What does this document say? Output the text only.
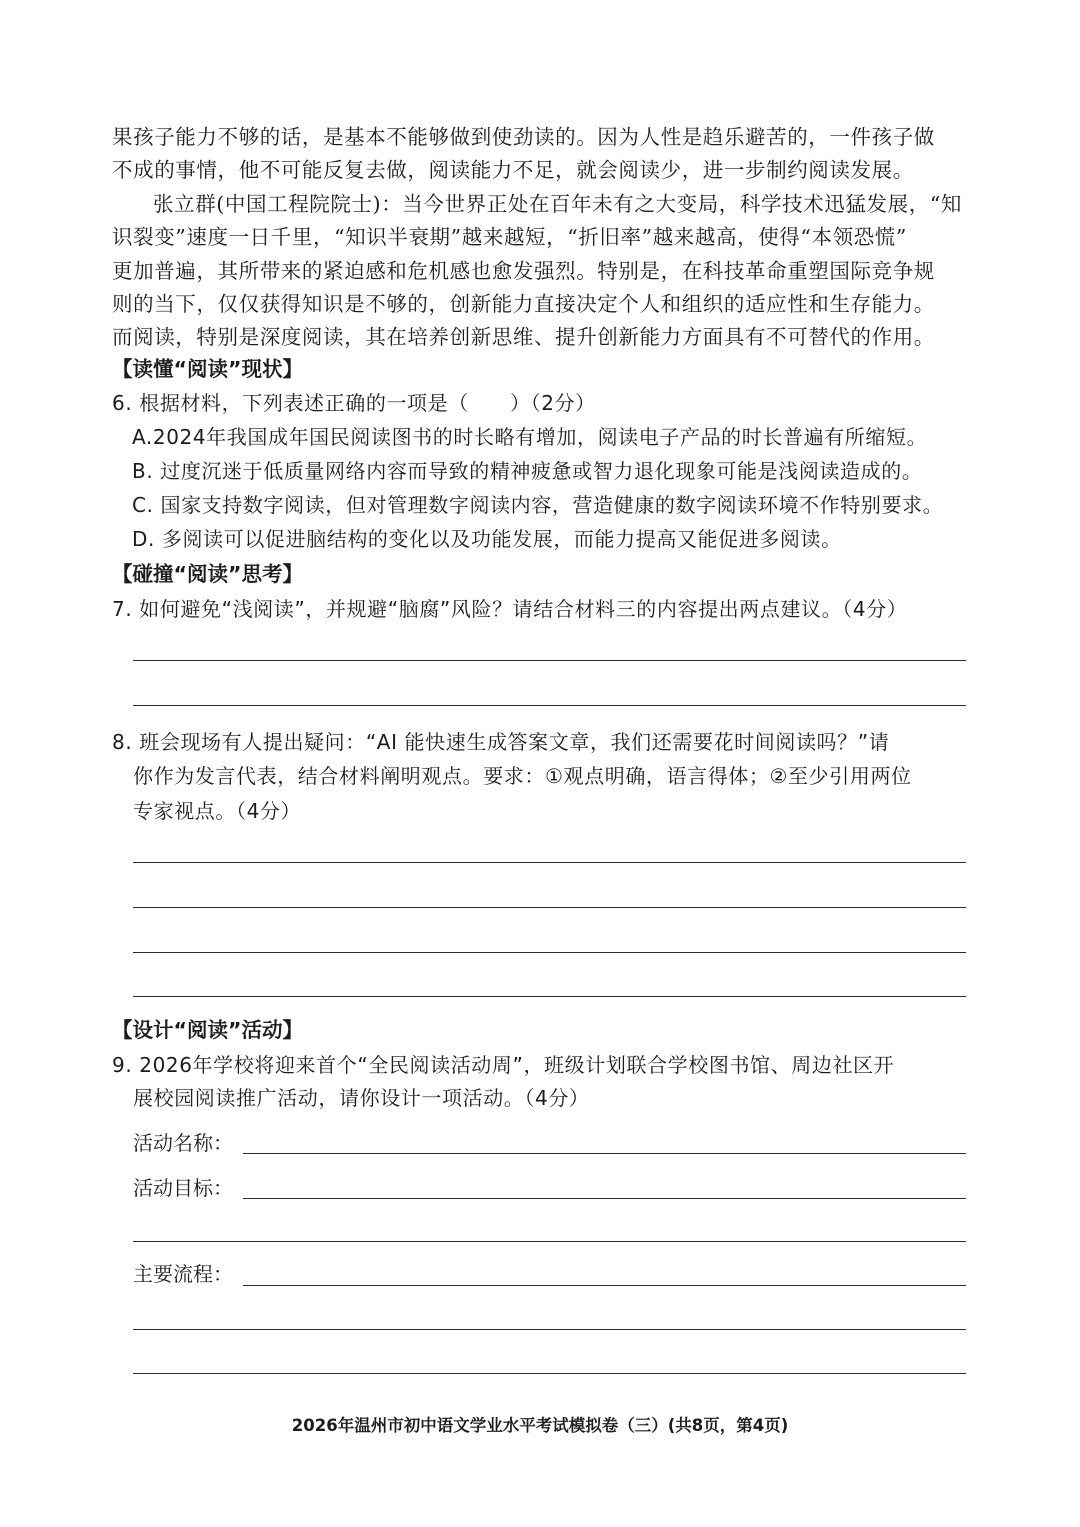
果孩子能力不够的话，是基本不能够做到使劲读的。因为人性是趋乐避苦的，一件孩子做
不成的事情，他不可能反复去做，阅读能力不足，就会阅读少，进一步制约阅读发展。
张立群(中国工程院院士)：当今世界正处在百年未有之大变局，科学技术迅猛发展，“知
识裂变”速度一日千里，“知识半衰期”越来越短，“折旧率”越来越高，使得“本领恐慌”
更加普遍，其所带来的紧迫感和危机感也愈发强烈。特别是，在科技革命重塑国际竞争规
则的当下，仅仅获得知识是不够的，创新能力直接决定个人和组织的适应性和生存能力。
而阅读，特别是深度阅读，其在培养创新思维、提升创新能力方面具有不可替代的作用。
【读懂“阅读”现状】
6. 根据材料，下列表述正确的一项是（　　）（2分）
A.2024年我国成年国民阅读图书的时长略有增加，阅读电子产品的时长普遍有所缩短。
B. 过度沉迷于低质量网络内容而导致的精神疲惫或智力退化现象可能是浅阅读造成的。
C. 国家支持数字阅读，但对管理数字阅读内容，营造健康的数字阅读环境不作特别要求。
D. 多阅读可以促进脑结构的变化以及功能发展，而能力提高又能促进多阅读。
【碰撞“阅读”思考】
7. 如何避免“浅阅读”，并规避“脑腐”风险？请结合材料三的内容提出两点建议。（4分）
8. 班会现场有人提出疑问：“AI 能快速生成答案文章，我们还需要花时间阅读吗？”请
你作为发言代表，结合材料阐明观点。要求：①观点明确，语言得体；②至少引用两位
专家视点。（4分）
【设计“阅读”活动】
9. 2026年学校将迎来首个“全民阅读活动周”，班级计划联合学校图书馆、周边社区开
展校园阅读推广活动，请你设计一项活动。（4分）
活动名称：
活动目标：
主要流程：
2026年温州市初中语文学业水平考试模拟卷（三）(共8页，第4页)
